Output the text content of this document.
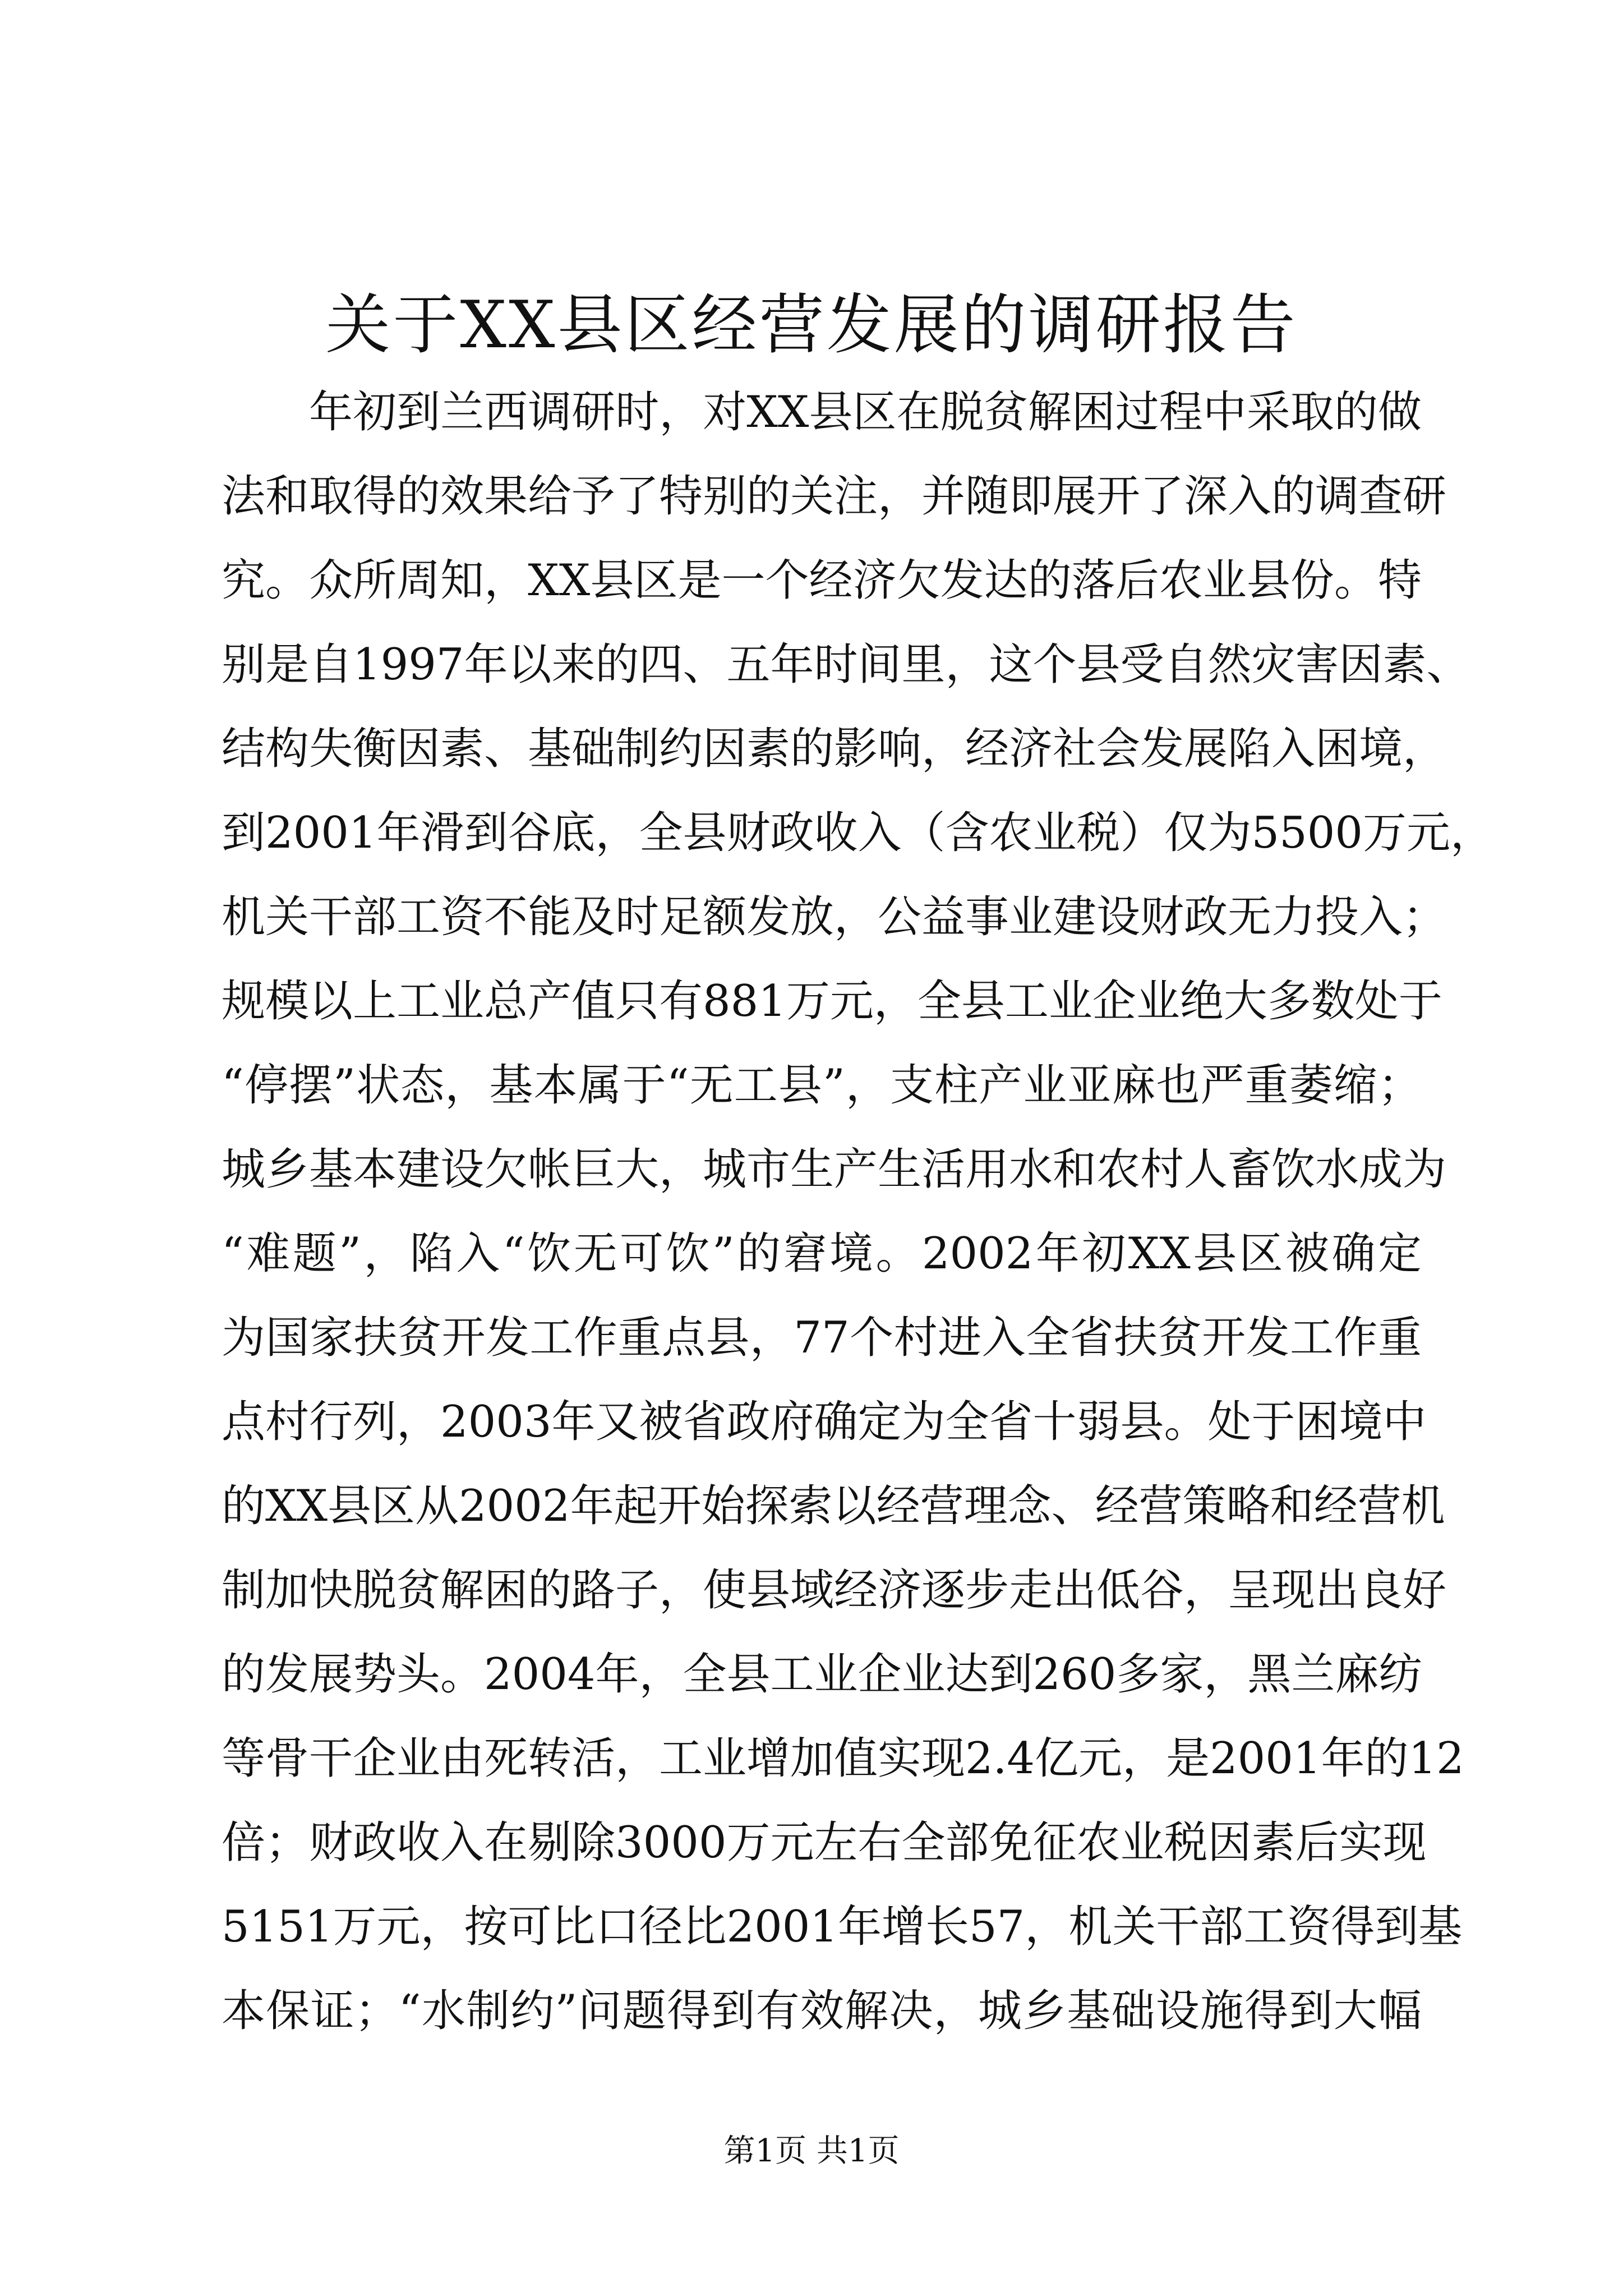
关于XX县区经营发展的调研报告
年初到兰西调研时，对XX县区在脱贫解困过程中采取的做
法和取得的效果给予了特别的关注，并随即展开了深入的调查研
究。众所周知，XX县区是一个经济欠发达的落后农业县份。特
别是自1997年以来的四、五年时间里，这个县受自然灾害因素、
结构失衡因素、基础制约因素的影响，经济社会发展陷入困境，
到2001年滑到谷底，全县财政收入（含农业税）仅为5500万元，
机关干部工资不能及时足额发放，公益事业建设财政无力投入；
规模以上工业总产值只有881万元，全县工业企业绝大多数处于
“停摆”状态，基本属于“无工县”，支柱产业亚麻也严重萎缩；
城乡基本建设欠帐巨大，城市生产生活用水和农村人畜饮水成为
“难题”，陷入“饮无可饮”的窘境。2002年初XX县区被确定
为国家扶贫开发工作重点县，77个村进入全省扶贫开发工作重
点村行列，2003年又被省政府确定为全省十弱县。处于困境中
的XX县区从2002年起开始探索以经营理念、经营策略和经营机
制加快脱贫解困的路子，使县域经济逐步走出低谷，呈现出良好
的发展势头。2004年，全县工业企业达到260多家，黑兰麻纺
等骨干企业由死转活，工业增加值实现2.4亿元，是2001年的12
倍；财政收入在剔除3000万元左右全部免征农业税因素后实现
5151万元，按可比口径比2001年增长57，机关干部工资得到基
本保证；“水制约”问题得到有效解决，城乡基础设施得到大幅
第1页 共1页
